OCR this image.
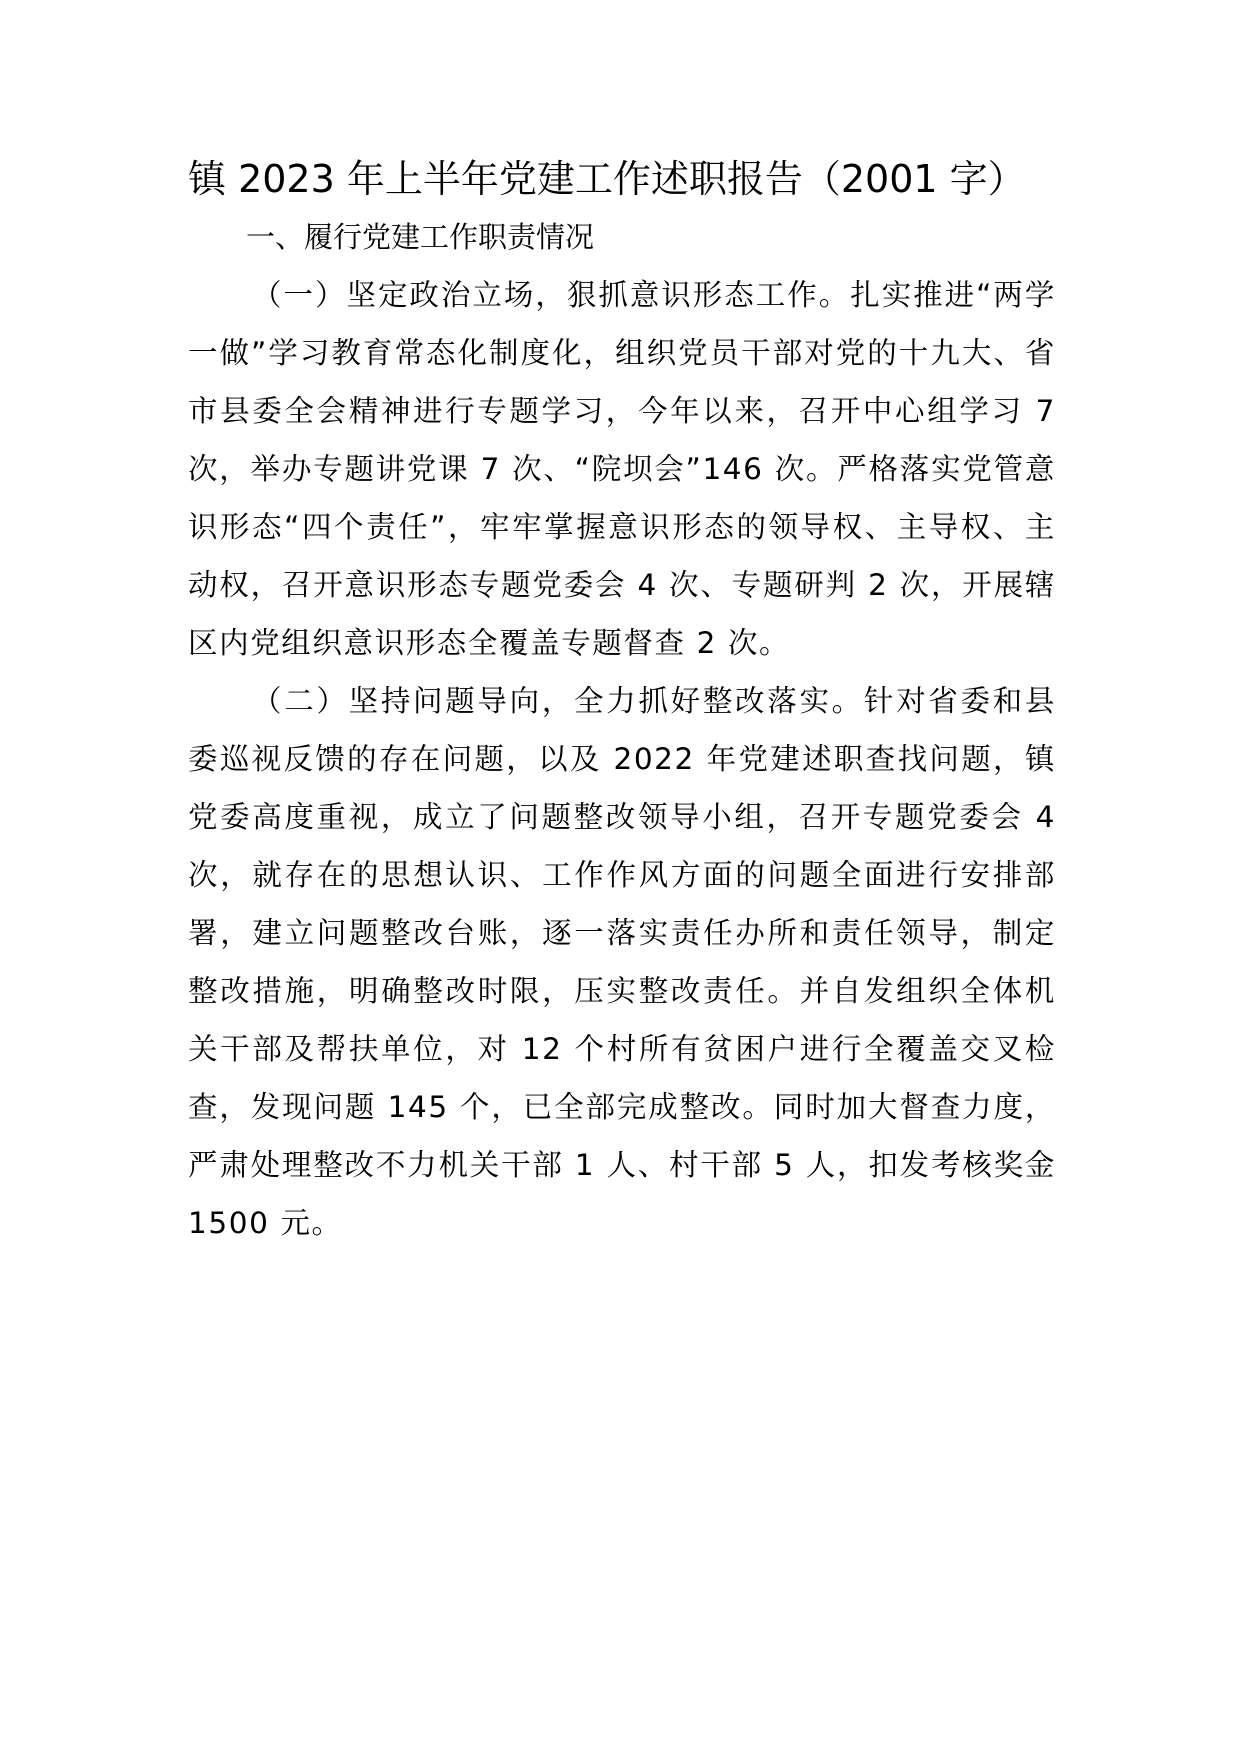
镇 2023 年上半年党建工作述职报告（2001 字）
一、履行党建工作职责情况

（一）坚定政治立场，狠抓意识形态工作。扎实推进“两学一做”学习教育常态化制度化，组织党员干部对党的十九大、省市县委全会精神进行专题学习，今年以来，召开中心组学习 7 次，举办专题讲党课 7 次、“院坝会”146 次。严格落实党管意识形态“四个责任”，牢牢掌握意识形态的领导权、主导权、主动权，召开意识形态专题党委会 4 次、专题研判 2 次，开展辖区内党组织意识形态全覆盖专题督查 2 次。

（二）坚持问题导向，全力抓好整改落实。针对省委和县委巡视反馈的存在问题，以及 2022 年党建述职查找问题，镇党委高度重视，成立了问题整改领导小组，召开专题党委会 4 次，就存在的思想认识、工作作风方面的问题全面进行安排部署，建立问题整改台账，逐一落实责任办所和责任领导，制定整改措施，明确整改时限，压实整改责任。并自发组织全体机关干部及帮扶单位，对 12 个村所有贫困户进行全覆盖交叉检查，发现问题 145 个，已全部完成整改。同时加大督查力度，严肃处理整改不力机关干部 1 人、村干部 5 人，扣发考核奖金 1500 元。
